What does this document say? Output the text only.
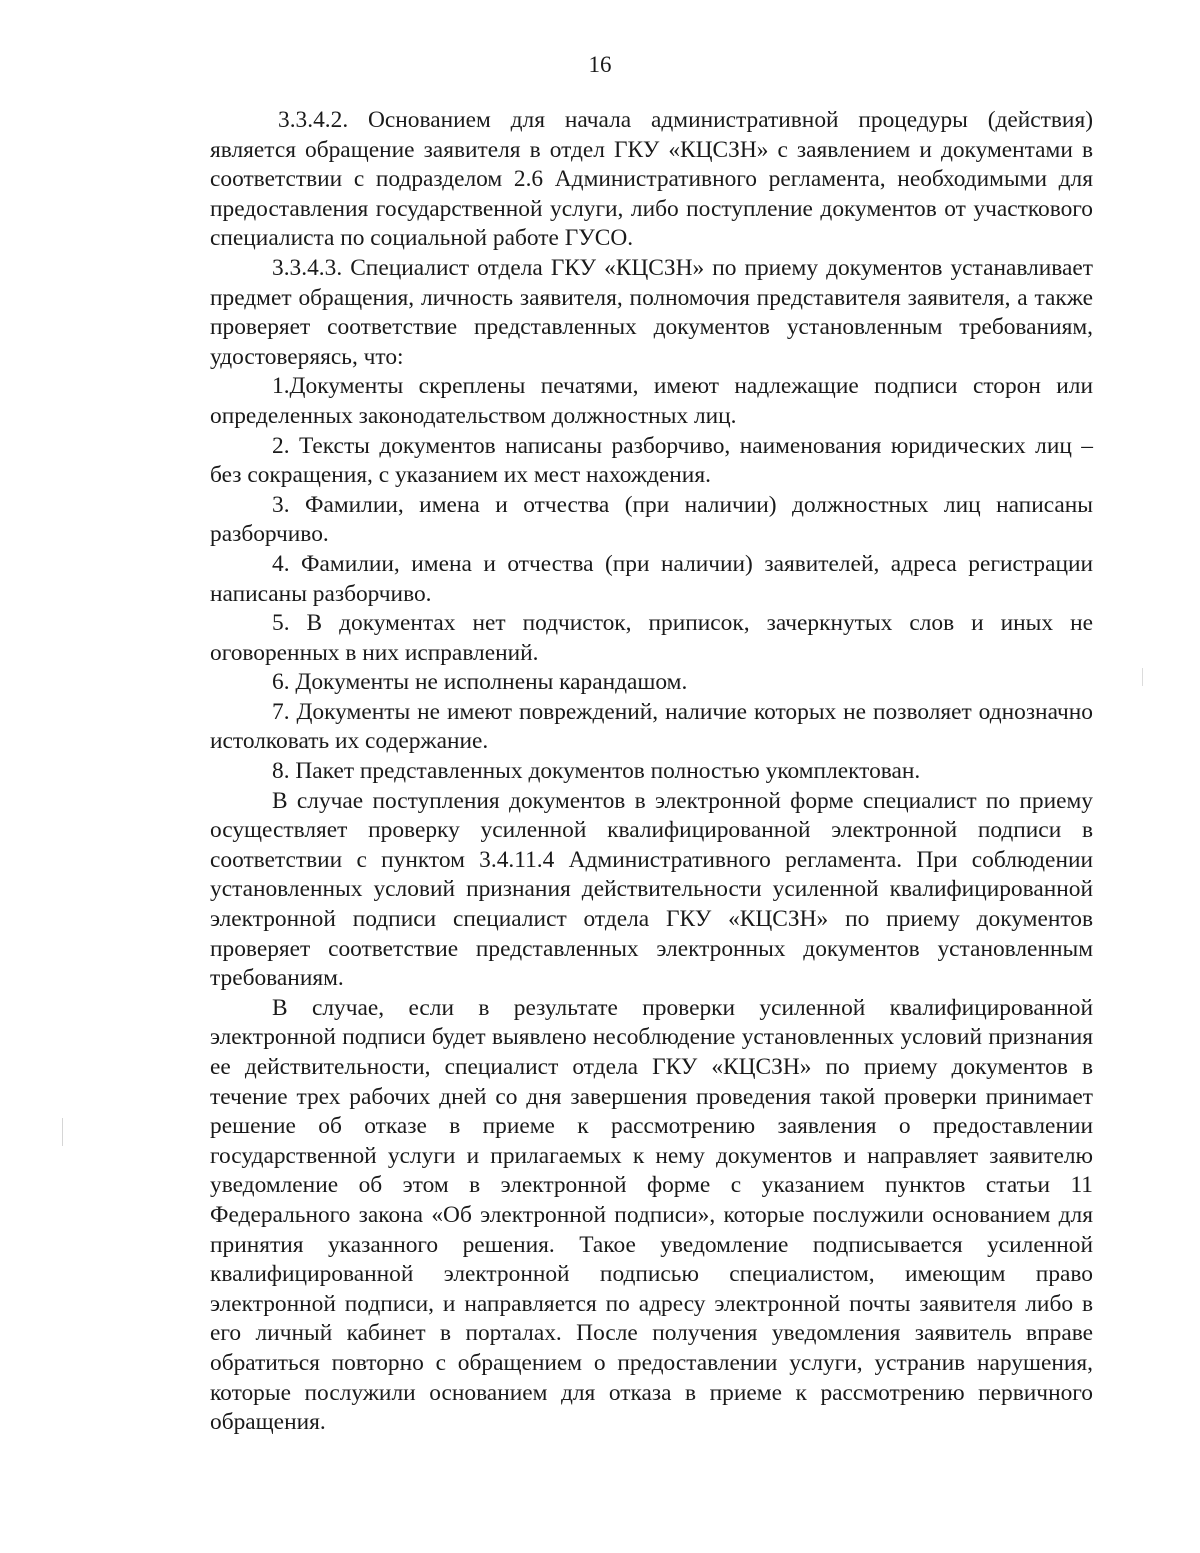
16

3.3.4.2. Основанием для начала административной процедуры (действия) является обращение заявителя в отдел ГКУ «КЦСЗН» с заявлением и документами в соответствии с подразделом 2.6 Административного регламента, необходимыми для предоставления государственной услуги, либо поступление документов от участкового специалиста по социальной работе ГУСО.

3.3.4.3. Специалист отдела ГКУ «КЦСЗН» по приему документов устанавливает предмет обращения, личность заявителя, полномочия представителя заявителя, а также проверяет соответствие представленных документов установленным требованиям, удостоверяясь, что:

1.Документы скреплены печатями, имеют надлежащие подписи сторон или определенных законодательством должностных лиц.

2. Тексты документов написаны разборчиво, наименования юридических лиц – без сокращения, с указанием их мест нахождения.

3. Фамилии, имена и отчества (при наличии) должностных лиц написаны разборчиво.

4. Фамилии, имена и отчества (при наличии) заявителей, адреса регистрации написаны разборчиво.

5. В документах нет подчисток, приписок, зачеркнутых слов и иных не оговоренных в них исправлений.

6. Документы не исполнены карандашом.

7. Документы не имеют повреждений, наличие которых не позволяет однозначно истолковать их содержание.

8. Пакет представленных документов полностью укомплектован.

В случае поступления документов в электронной форме специалист по приему осуществляет проверку усиленной квалифицированной электронной подписи в соответствии с пунктом 3.4.11.4 Административного регламента. При соблюдении установленных условий признания действительности усиленной квалифицированной электронной подписи специалист отдела ГКУ «КЦСЗН» по приему документов проверяет соответствие представленных электронных документов установленным требованиям.

В случае, если в результате проверки усиленной квалифицированной электронной подписи будет выявлено несоблюдение установленных условий признания ее действительности, специалист отдела ГКУ «КЦСЗН» по приему документов в течение трех рабочих дней со дня завершения проведения такой проверки принимает решение об отказе в приеме к рассмотрению заявления о предоставлении государственной услуги и прилагаемых к нему документов и направляет заявителю уведомление об этом в электронной форме с указанием пунктов статьи 11 Федерального закона «Об электронной подписи», которые послужили основанием для принятия указанного решения. Такое уведомление подписывается усиленной квалифицированной электронной подписью специалистом, имеющим право электронной подписи, и направляется по адресу электронной почты заявителя либо в его личный кабинет в порталах. После получения уведомления заявитель вправе обратиться повторно с обращением о предоставлении услуги, устранив нарушения, которые послужили основанием для отказа в приеме к рассмотрению первичного обращения.
